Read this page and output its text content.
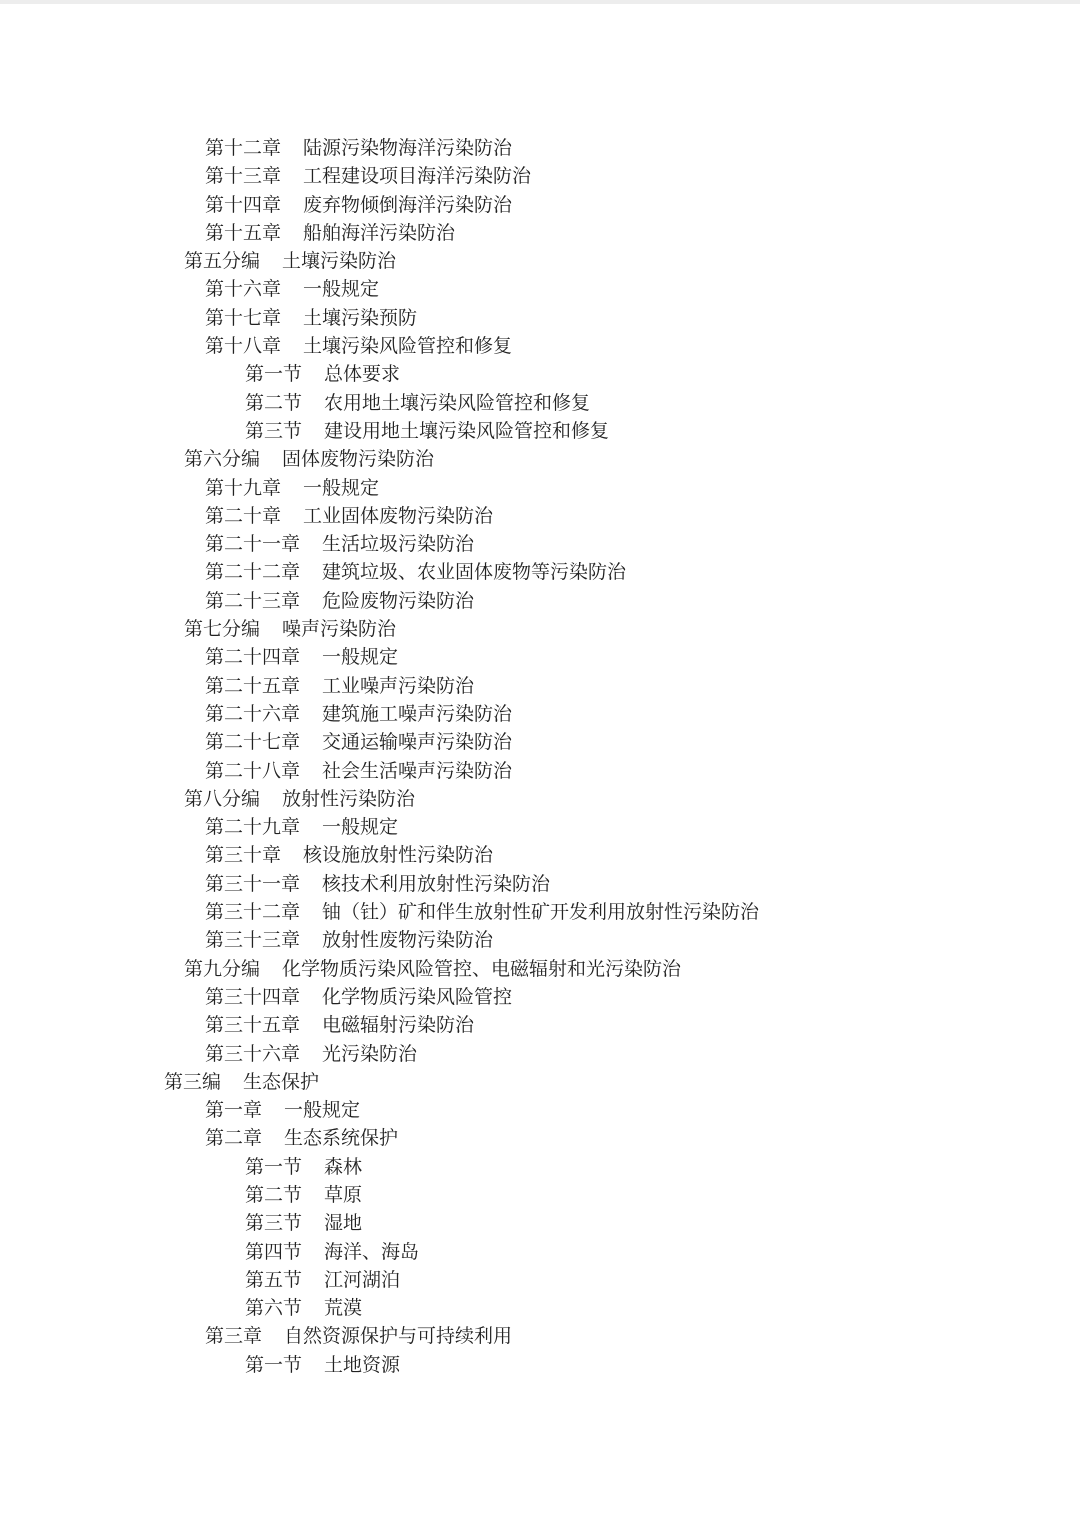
第十二章 陆源污染物海洋污染防治
第十三章 工程建设项目海洋污染防治
第十四章 废弃物倾倒海洋污染防治
第十五章 船舶海洋污染防治
第五分编 土壤污染防治
第十六章 一般规定
第十七章 土壤污染预防
第十八章 土壤污染风险管控和修复
第一节 总体要求
第二节 农用地土壤污染风险管控和修复
第三节 建设用地土壤污染风险管控和修复
第六分编 固体废物污染防治
第十九章 一般规定
第二十章 工业固体废物污染防治
第二十一章 生活垃圾污染防治
第二十二章 建筑垃圾、农业固体废物等污染防治
第二十三章 危险废物污染防治
第七分编 噪声污染防治
第二十四章 一般规定
第二十五章 工业噪声污染防治
第二十六章 建筑施工噪声污染防治
第二十七章 交通运输噪声污染防治
第二十八章 社会生活噪声污染防治
第八分编 放射性污染防治
第二十九章 一般规定
第三十章 核设施放射性污染防治
第三十一章 核技术利用放射性污染防治
第三十二章 铀（钍）矿和伴生放射性矿开发利用放射性污染防治
第三十三章 放射性废物污染防治
第九分编 化学物质污染风险管控、电磁辐射和光污染防治
第三十四章 化学物质污染风险管控
第三十五章 电磁辐射污染防治
第三十六章 光污染防治
第三编 生态保护
第一章 一般规定
第二章 生态系统保护
第一节 森林
第二节 草原
第三节 湿地
第四节 海洋、海岛
第五节 江河湖泊
第六节 荒漠
第三章 自然资源保护与可持续利用
第一节 土地资源
